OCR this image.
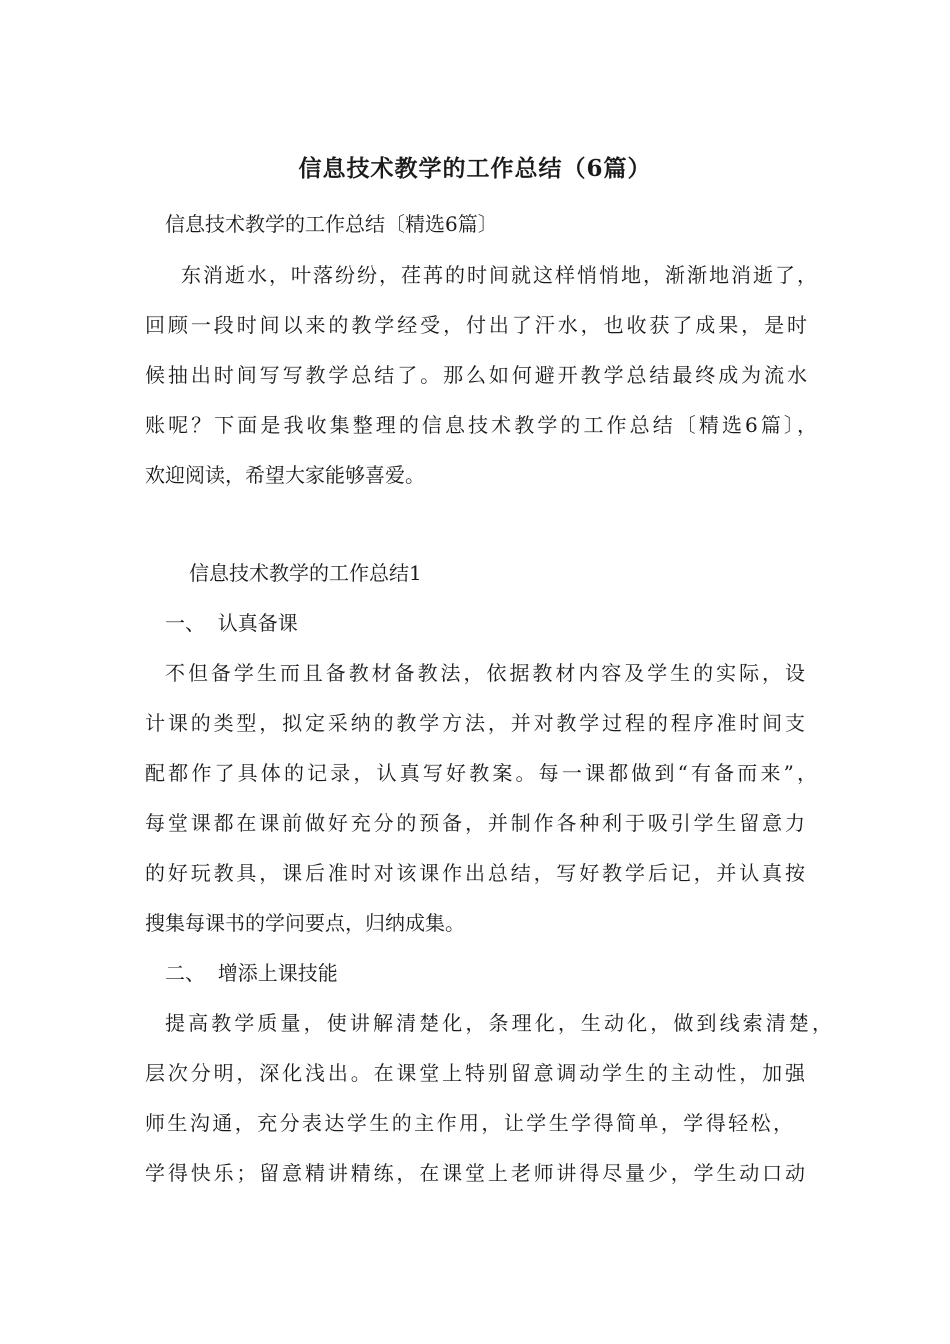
信息技术教学的工作总结（6篇）
信息技术教学的工作总结〔精选6篇〕
东消逝水，叶落纷纷，荏苒的时间就这样悄悄地，渐渐地消逝了，
回顾一段时间以来的教学经受，付出了汗水，也收获了成果，是时
候抽出时间写写教学总结了。那么如何避开教学总结最终成为流水
账呢？下面是我收集整理的信息技术教学的工作总结〔精选6篇〕，
欢迎阅读，希望大家能够喜爱。
信息技术教学的工作总结1
一、  认真备课
不但备学生而且备教材备教法，依据教材内容及学生的实际，设
计课的类型，拟定采纳的教学方法，并对教学过程的程序准时间支
配都作了具体的记录，认真写好教案。每一课都做到“有备而来”，
每堂课都在课前做好充分的预备，并制作各种利于吸引学生留意力
的好玩教具，课后准时对该课作出总结，写好教学后记，并认真按
搜集每课书的学问要点，归纳成集。
二、  增添上课技能
提高教学质量，使讲解清楚化，条理化，生动化，做到线索清楚，
层次分明，深化浅出。在课堂上特别留意调动学生的主动性，加强
师生沟通，充分表达学生的主作用，让学生学得简单，学得轻松，
学得快乐；留意精讲精练，在课堂上老师讲得尽量少，学生动口动
